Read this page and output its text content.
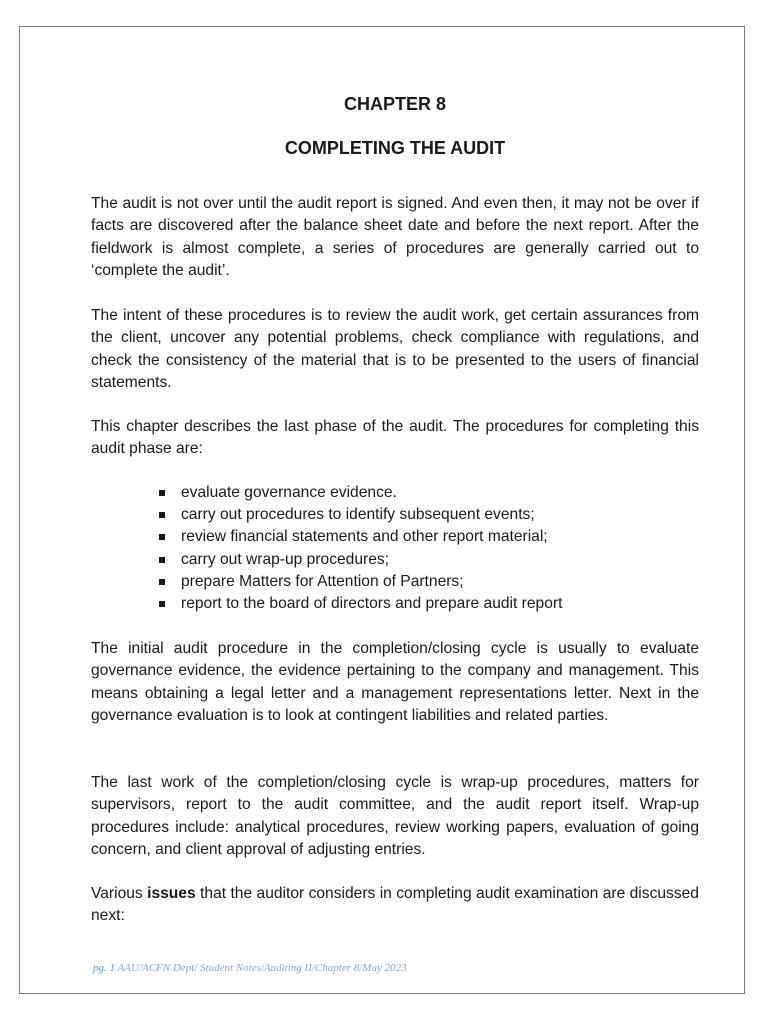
CHAPTER 8
COMPLETING THE AUDIT

The audit is not over until the audit report is signed. And even then, it may not be over if facts are discovered after the balance sheet date and before the next report. After the fieldwork is almost complete, a series of procedures are generally carried out to ‘complete the audit’.

The intent of these procedures is to review the audit work, get certain assurances from the client, uncover any potential problems, check compliance with regulations, and check the consistency of the material that is to be presented to the users of financial statements.

This chapter describes the last phase of the audit. The procedures for completing this audit phase are:

evaluate governance evidence.
carry out procedures to identify subsequent events;
review financial statements and other report material;
carry out wrap-up procedures;
prepare Matters for Attention of Partners;
report to the board of directors and prepare audit report

The initial audit procedure in the completion/closing cycle is usually to evaluate governance evidence, the evidence pertaining to the company and management. This means obtaining a legal letter and a management representations letter. Next in the governance evaluation is to look at contingent liabilities and related parties.

The last work of the completion/closing cycle is wrap-up procedures, matters for supervisors, report to the audit committee, and the audit report itself. Wrap-up procedures include: analytical procedures, review working papers, evaluation of going concern, and client approval of adjusting entries.

Various issues that the auditor considers in completing audit examination are discussed next:

pg. 1 AAU/ACFN Dept/ Student Notes/Auditing II/Chapter 8/May 2023
